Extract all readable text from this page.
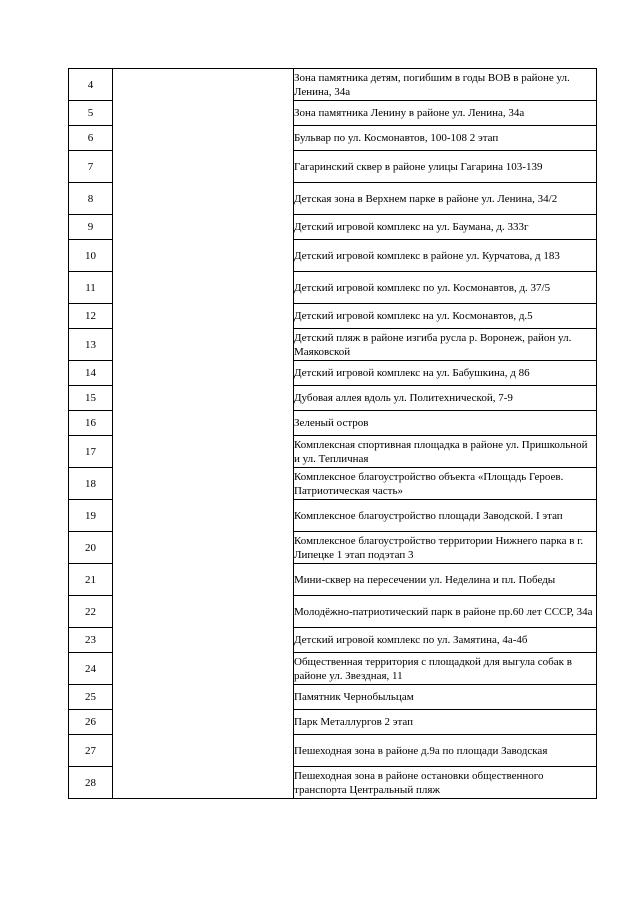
4		Зона памятника детям, погибшим в годы ВОВ в районе ул. Ленина, 34а

5		Зона памятника Ленину в районе ул. Ленина, 34а

6		Бульвар по ул. Космонавтов, 100-108 2 этап

7		Гагаринский сквер в районе улицы Гагарина 103-139

8		Детская зона в Верхнем парке в районе ул. Ленина, 34/2

9		Детский игровой комплекс на ул. Баумана, д. 333г

10		Детский игровой комплекс в районе ул. Курчатова, д 183

11		Детский игровой комплекс по ул. Космонавтов, д. 37/5

12		Детский игровой комплекс на ул. Космонавтов, д.5

13		Детский пляж в районе изгиба русла р. Воронеж, район ул. Маяковской

14		Детский игровой комплекс на ул. Бабушкина, д 86

15		Дубовая аллея вдоль ул. Политехнической, 7-9

16		Зеленый остров

17		Комплексная спортивная площадка в районе ул. Пришкольной и ул. Тепличная

18		Комплексное благоустройство объекта «Площадь Героев. Патриотическая часть»

19		Комплексное благоустройство площади Заводской. I этап

20		Комплексное благоустройство территории Нижнего парка в г. Липецке 1 этап подэтап 3

21		Мини-сквер на пересечении ул. Неделина и пл. Победы

22		Молодёжно-патриотический парк в районе пр.60 лет СССР, 34а

23		Детский игровой комплекс по ул. Замятина, 4а-4б

24		Общественная территория с площадкой для выгула собак в районе ул. Звездная, 11

25		Памятник Чернобыльцам

26		Парк Металлургов 2 этап

27		Пешеходная зона в районе д.9а по площади Заводская

28		Пешеходная зона в районе остановки общественного транспорта Центральный пляж
